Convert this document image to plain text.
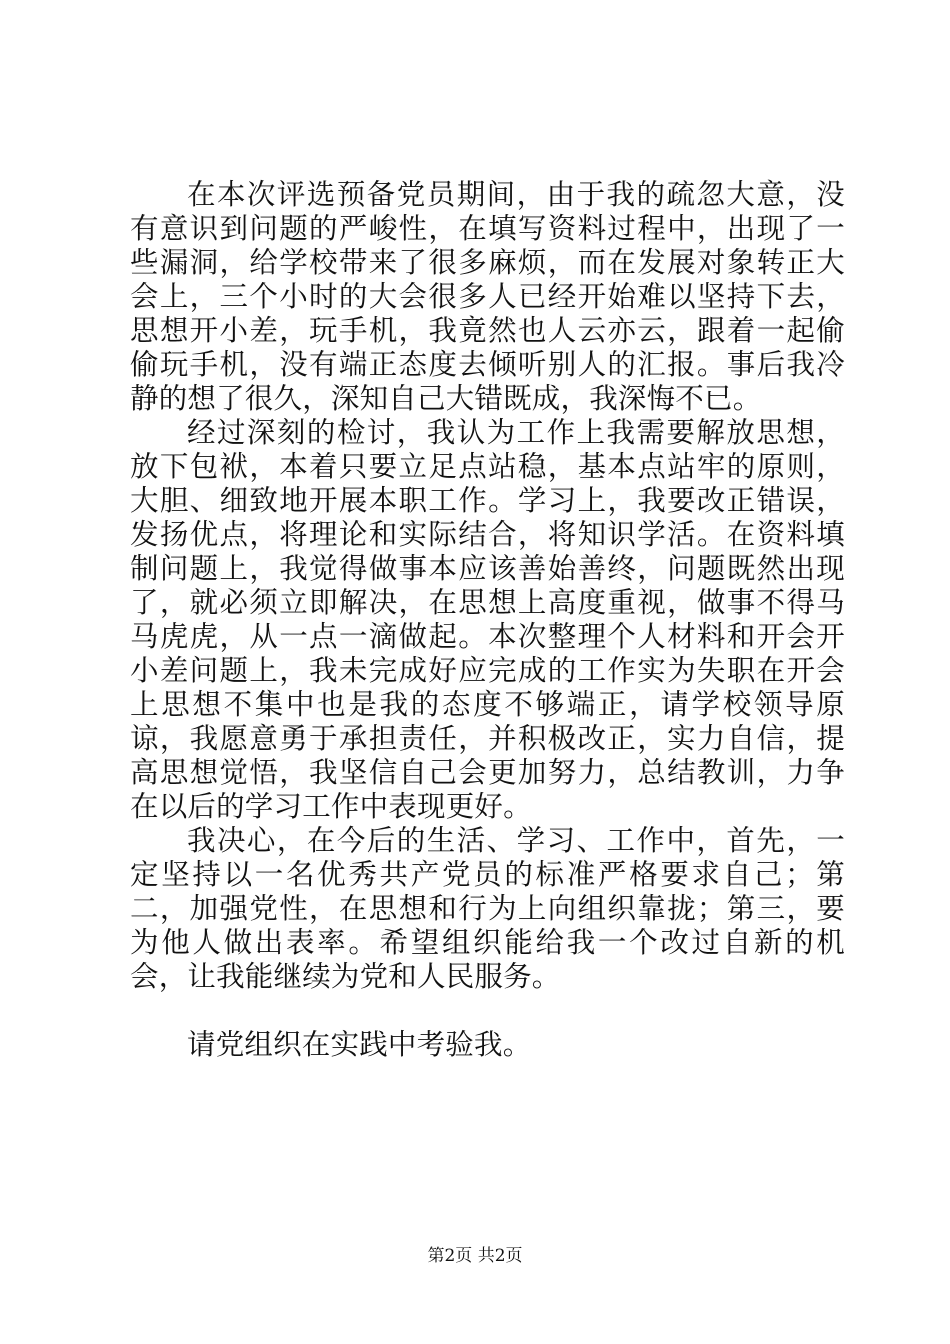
在本次评选预备党员期间，由于我的疏忽大意，没有意识到问题的严峻性，在填写资料过程中，出现了一些漏洞，给学校带来了很多麻烦，而在发展对象转正大会上，三个小时的大会很多人已经开始难以坚持下去，思想开小差，玩手机，我竟然也人云亦云，跟着一起偷偷玩手机，没有端正态度去倾听别人的汇报。事后我冷静的想了很久，深知自己大错既成，我深悔不已。

经过深刻的检讨，我认为工作上我需要解放思想，放下包袱，本着只要立足点站稳，基本点站牢的原则，大胆、细致地开展本职工作。学习上，我要改正错误，发扬优点，将理论和实际结合，将知识学活。在资料填制问题上，我觉得做事本应该善始善终，问题既然出现了，就必须立即解决，在思想上高度重视，做事不得马马虎虎，从一点一滴做起。本次整理个人材料和开会开小差问题上，我未完成好应完成的工作实为失职在开会上思想不集中也是我的态度不够端正，请学校领导原谅，我愿意勇于承担责任，并积极改正，实力自信，提高思想觉悟，我坚信自己会更加努力，总结教训，力争在以后的学习工作中表现更好。

我决心，在今后的生活、学习、工作中，首先，一定坚持以一名优秀共产党员的标准严格要求自己；第二，加强党性，在思想和行为上向组织靠拢；第三，要为他人做出表率。希望组织能给我一个改过自新的机会，让我能继续为党和人民服务。

请党组织在实践中考验我。

第2页 共2页
